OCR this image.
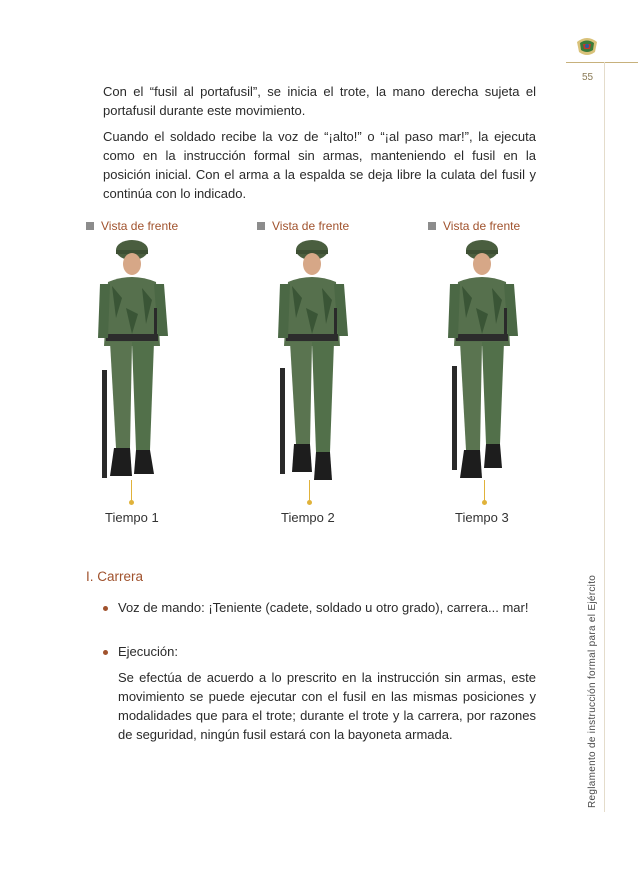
55
Reglamento de instrucción formal para el Ejército

Con el “fusil al portafusil”, se inicia el trote, la mano derecha sujeta el portafusil durante este movimiento.

Cuando el soldado recibe la voz de “¡alto!” o “¡al paso mar!”, la ejecuta como en la instrucción formal sin armas, manteniendo el fusil en la posición inicial. Con el arma a la espalda se deja libre la culata del fusil y continúa con lo indicado.

Vista de frente	Vista de frente	Vista de frente
Tiempo 1	Tiempo 2	Tiempo 3
I. Carrera
Voz de mando: ¡Teniente (cadete, soldado u otro grado), carrera... mar!
Ejecución:

Se efectúa de acuerdo a lo prescrito en la instrucción sin armas, este movimiento se puede ejecutar con el fusil en las mismas posiciones y modalidades que para el trote; durante el trote y la carrera, por razones de seguridad, ningún fusil estará con la bayoneta armada.
